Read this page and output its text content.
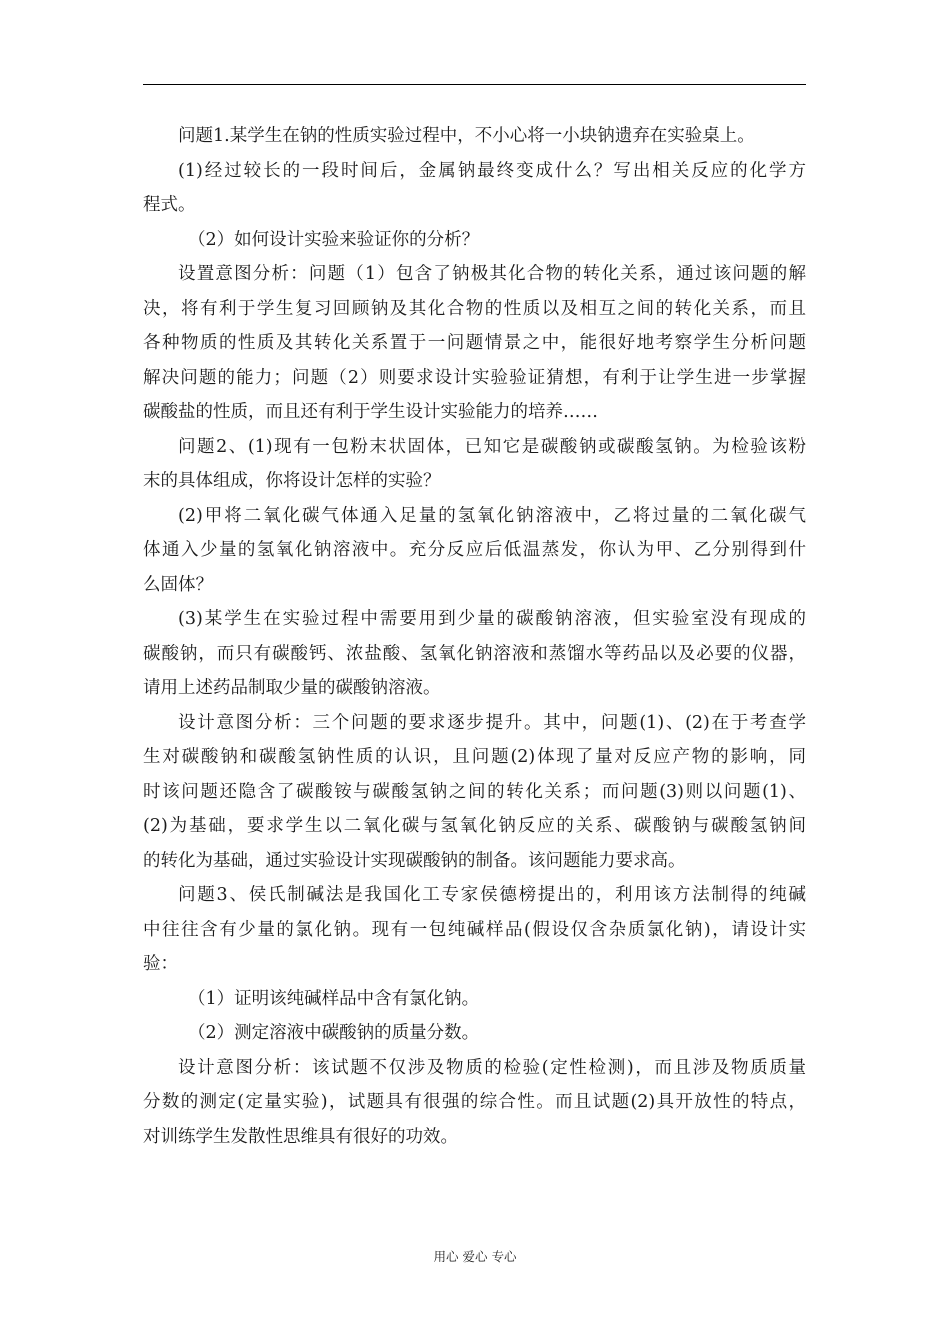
问题1.某学生在钠的性质实验过程中，不小心将一小块钠遗弃在实验桌上。
(1)经过较长的一段时间后，金属钠最终变成什么？写出相关反应的化学方
程式。
（2）如何设计实验来验证你的分析？
设置意图分析：问题（1）包含了钠极其化合物的转化关系，通过该问题的解
决，将有利于学生复习回顾钠及其化合物的性质以及相互之间的转化关系，而且
各种物质的性质及其转化关系置于一问题情景之中，能很好地考察学生分析问题
解决问题的能力；问题（2）则要求设计实验验证猜想，有利于让学生进一步掌握
碳酸盐的性质，而且还有利于学生设计实验能力的培养……
问题2、(1)现有一包粉末状固体，已知它是碳酸钠或碳酸氢钠。为检验该粉
末的具体组成，你将设计怎样的实验？
(2)甲将二氧化碳气体通入足量的氢氧化钠溶液中，乙将过量的二氧化碳气
体通入少量的氢氧化钠溶液中。充分反应后低温蒸发，你认为甲、乙分别得到什
么固体？
(3)某学生在实验过程中需要用到少量的碳酸钠溶液，但实验室没有现成的
碳酸钠，而只有碳酸钙、浓盐酸、氢氧化钠溶液和蒸馏水等药品以及必要的仪器，
请用上述药品制取少量的碳酸钠溶液。
设计意图分析：三个问题的要求逐步提升。其中，问题(1)、(2)在于考查学
生对碳酸钠和碳酸氢钠性质的认识，且问题(2)体现了量对反应产物的影响，同
时该问题还隐含了碳酸铵与碳酸氢钠之间的转化关系；而问题(3)则以问题(1)、
(2)为基础，要求学生以二氧化碳与氢氧化钠反应的关系、碳酸钠与碳酸氢钠间
的转化为基础，通过实验设计实现碳酸钠的制备。该问题能力要求高。
问题3、侯氏制碱法是我国化工专家侯德榜提出的，利用该方法制得的纯碱
中往往含有少量的氯化钠。现有一包纯碱样品(假设仅含杂质氯化钠)，请设计实
验：
（1）证明该纯碱样品中含有氯化钠。
（2）测定溶液中碳酸钠的质量分数。
设计意图分析：该试题不仅涉及物质的检验(定性检测)，而且涉及物质质量
分数的测定(定量实验)，试题具有很强的综合性。而且试题(2)具开放性的特点，
对训练学生发散性思维具有很好的功效。
用心 爱心 专心
